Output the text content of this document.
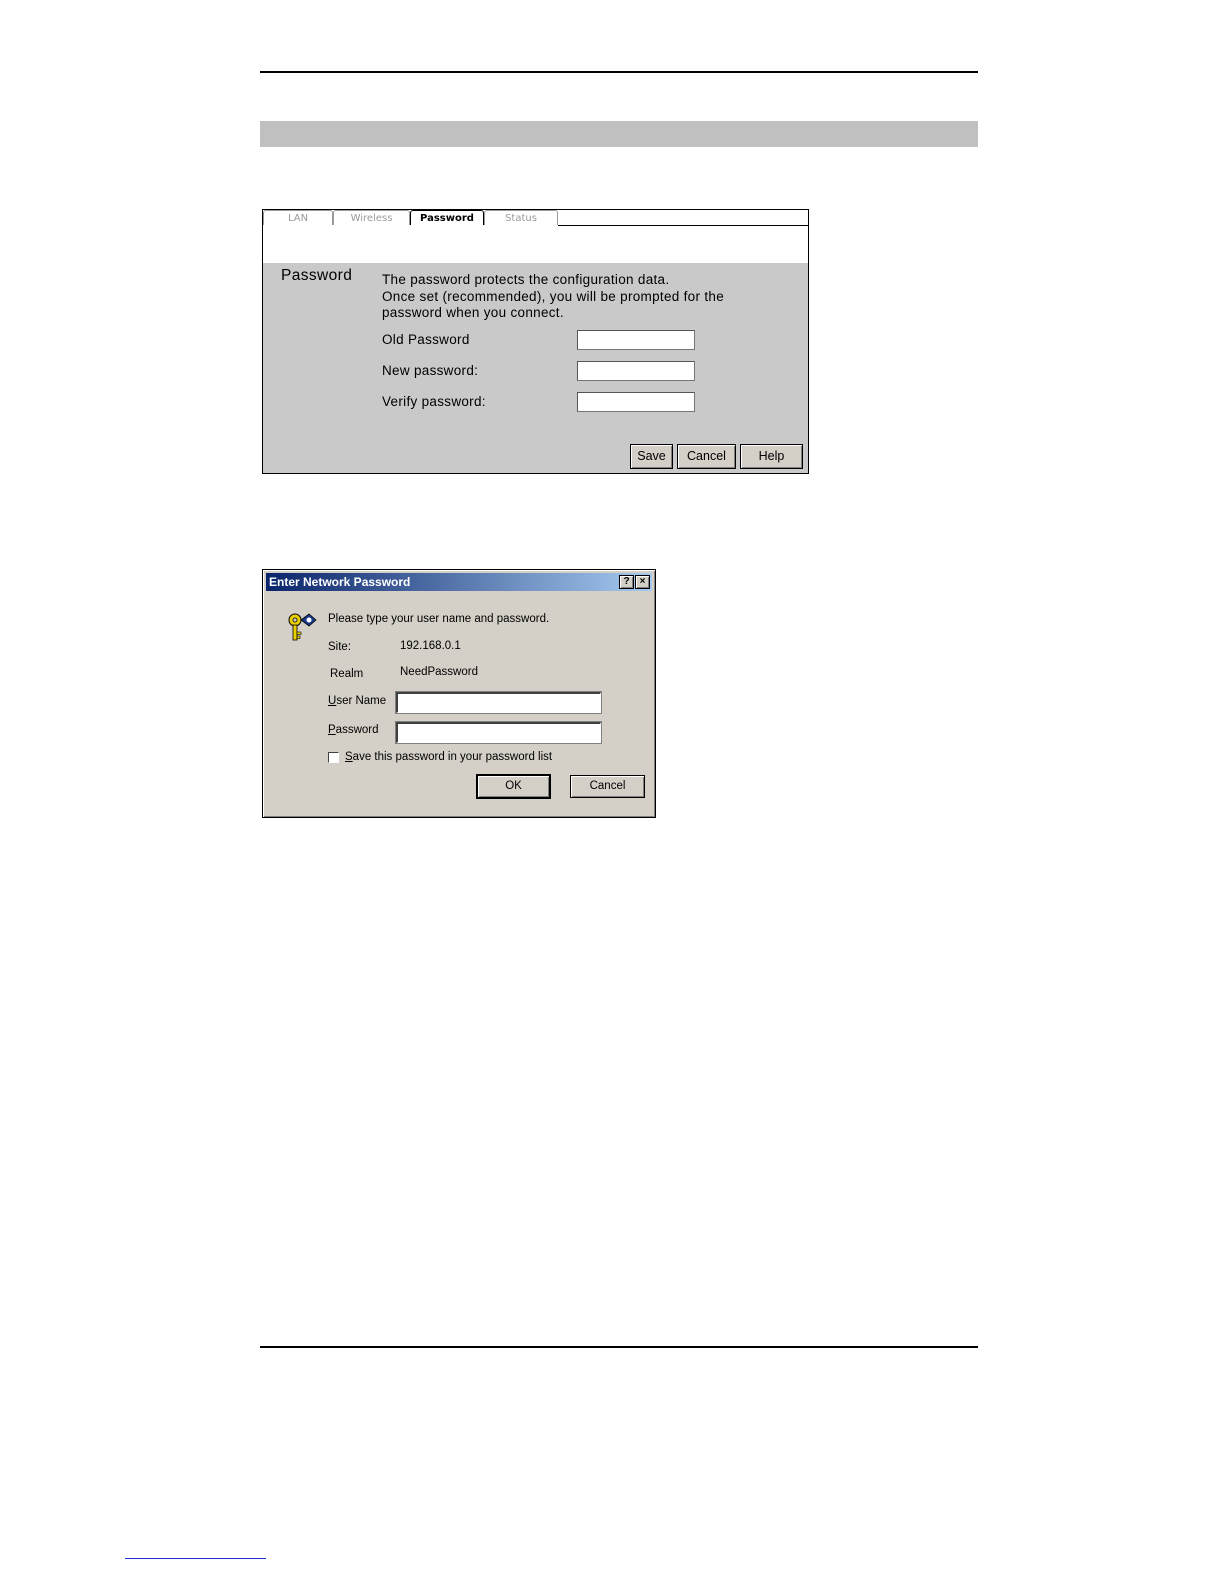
LAN	Wireless	Password	Status
Password The password protects the configuration data.
Once set (recommended), you will be prompted for the
password when you connect.
Old Password
New password:
Verify password:
Save	Cancel	Help
Enter Network Password	?	×
Please type your user name and password.
Site:	192.168.0.1
Realm	NeedPassword
User Name
Password
Save this password in your password list
OK	Cancel
